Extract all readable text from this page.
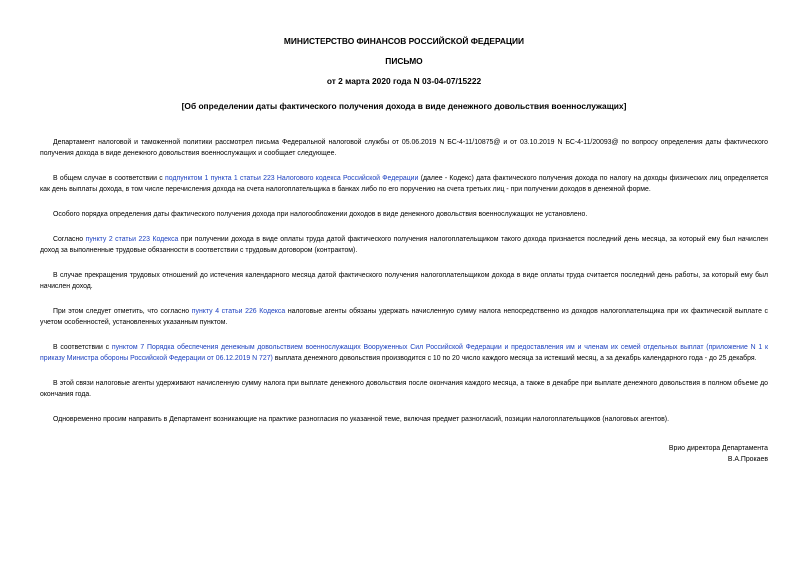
МИНИСТЕРСТВО ФИНАНСОВ РОССИЙСКОЙ ФЕДЕРАЦИИ

ПИСЬМО

от 2 марта 2020 года N 03-04-07/15222

[Об определении даты фактического получения дохода в виде денежного довольствия военнослужащих]

Департамент налоговой и таможенной политики рассмотрел письма Федеральной налоговой службы от 05.06.2019 N БС-4-11/10875@ и от 03.10.2019 N БС-4-11/20093@ по вопросу определения даты фактического получения дохода в виде денежного довольствия военнослужащих и сообщает следующее.

В общем случае в соответствии с подпунктом 1 пункта 1 статьи 223 Налогового кодекса Российской Федерации (далее - Кодекс) дата фактического получения дохода по налогу на доходы физических лиц определяется как день выплаты дохода, в том числе перечисления дохода на счета налогоплательщика в банках либо по его поручению на счета третьих лиц - при получении доходов в денежной форме.

Особого порядка определения даты фактического получения дохода при налогообложении доходов в виде денежного довольствия военнослужащих не установлено.

Согласно пункту 2 статьи 223 Кодекса при получении дохода в виде оплаты труда датой фактического получения налогоплательщиком такого дохода признается последний день месяца, за который ему был начислен доход за выполненные трудовые обязанности в соответствии с трудовым договором (контрактом).

В случае прекращения трудовых отношений до истечения календарного месяца датой фактического получения налогоплательщиком дохода в виде оплаты труда считается последний день работы, за который ему был начислен доход.

При этом следует отметить, что согласно пункту 4 статьи 226 Кодекса налоговые агенты обязаны удержать начисленную сумму налога непосредственно из доходов налогоплательщика при их фактической выплате с учетом особенностей, установленных указанным пунктом.

В соответствии с пунктом 7 Порядка обеспечения денежным довольствием военнослужащих Вооруженных Сил Российской Федерации и предоставления им и членам их семей отдельных выплат (приложение N 1 к приказу Министра обороны Российской Федерации от 06.12.2019 N 727) выплата денежного довольствия производится с 10 по 20 число каждого месяца за истекший месяц, а за декабрь календарного года - до 25 декабря.

В этой связи налоговые агенты удерживают начисленную сумму налога при выплате денежного довольствия после окончания каждого месяца, а также в декабре при выплате денежного довольствия в полном объеме до окончания года.

Одновременно просим направить в Департамент возникающие на практике разногласия по указанной теме, включая предмет разногласий, позиции налогоплательщиков (налоговых агентов).

Врио директора Департамента
В.А.Прокаев
